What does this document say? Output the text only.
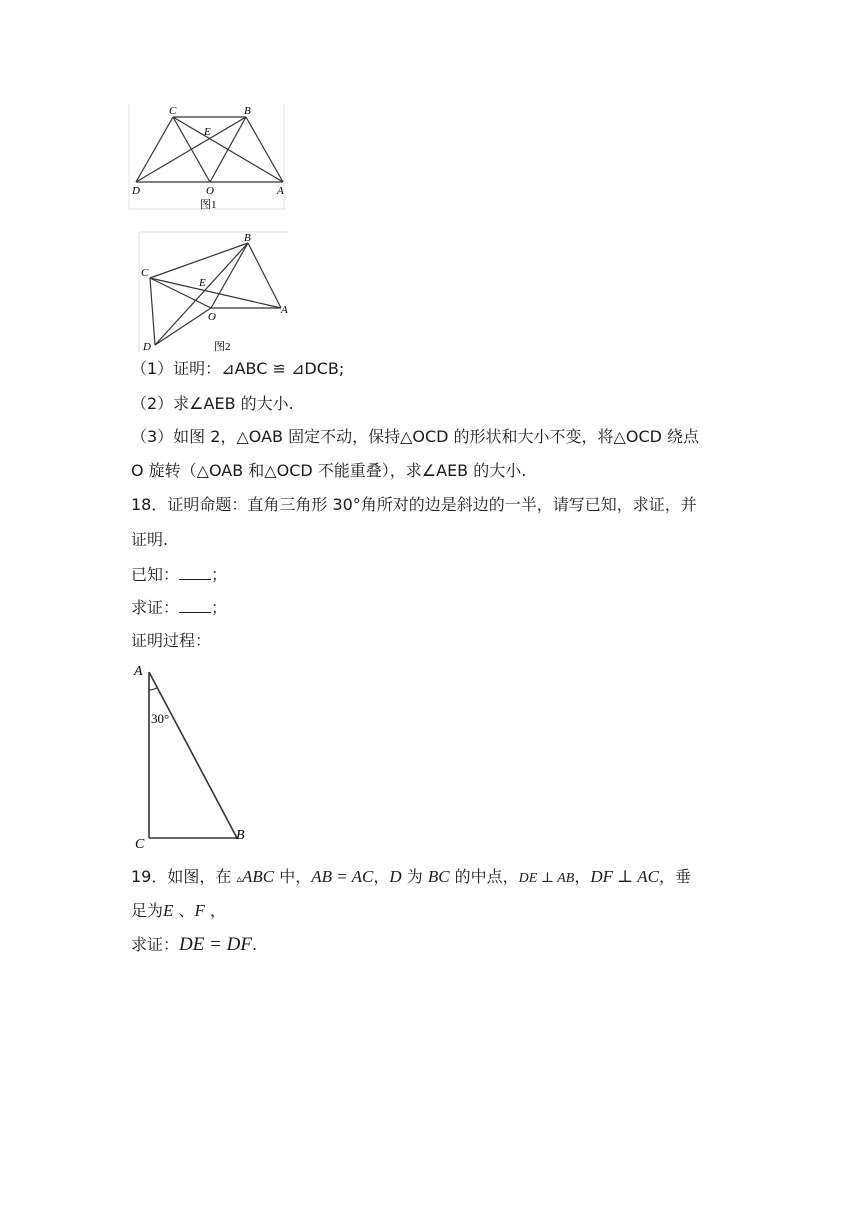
C	B
E
D	O	A
图1
B
C
E
O
A
D	图2
（1）证明：⊿ABC ≌ ⊿DCB;
（2）求∠AEB 的大小.
（3）如图 2，△OAB 固定不动，保持△OCD 的形状和大小不变，将△OCD 绕点
O 旋转（△OAB 和△OCD 不能重叠），求∠AEB 的大小.
18．证明命题：直角三角形 30°角所对的边是斜边的一半，请写已知，求证，并
证明.
已知： ；
求证： ；
证明过程：
A
30°
C
B
19．如图，在 ▵ABC 中，AB = AC，D 为 BC 的中点，DE ⊥ AB，DF ⊥ AC，垂
足为E 、F ，
求证：DE = DF.
